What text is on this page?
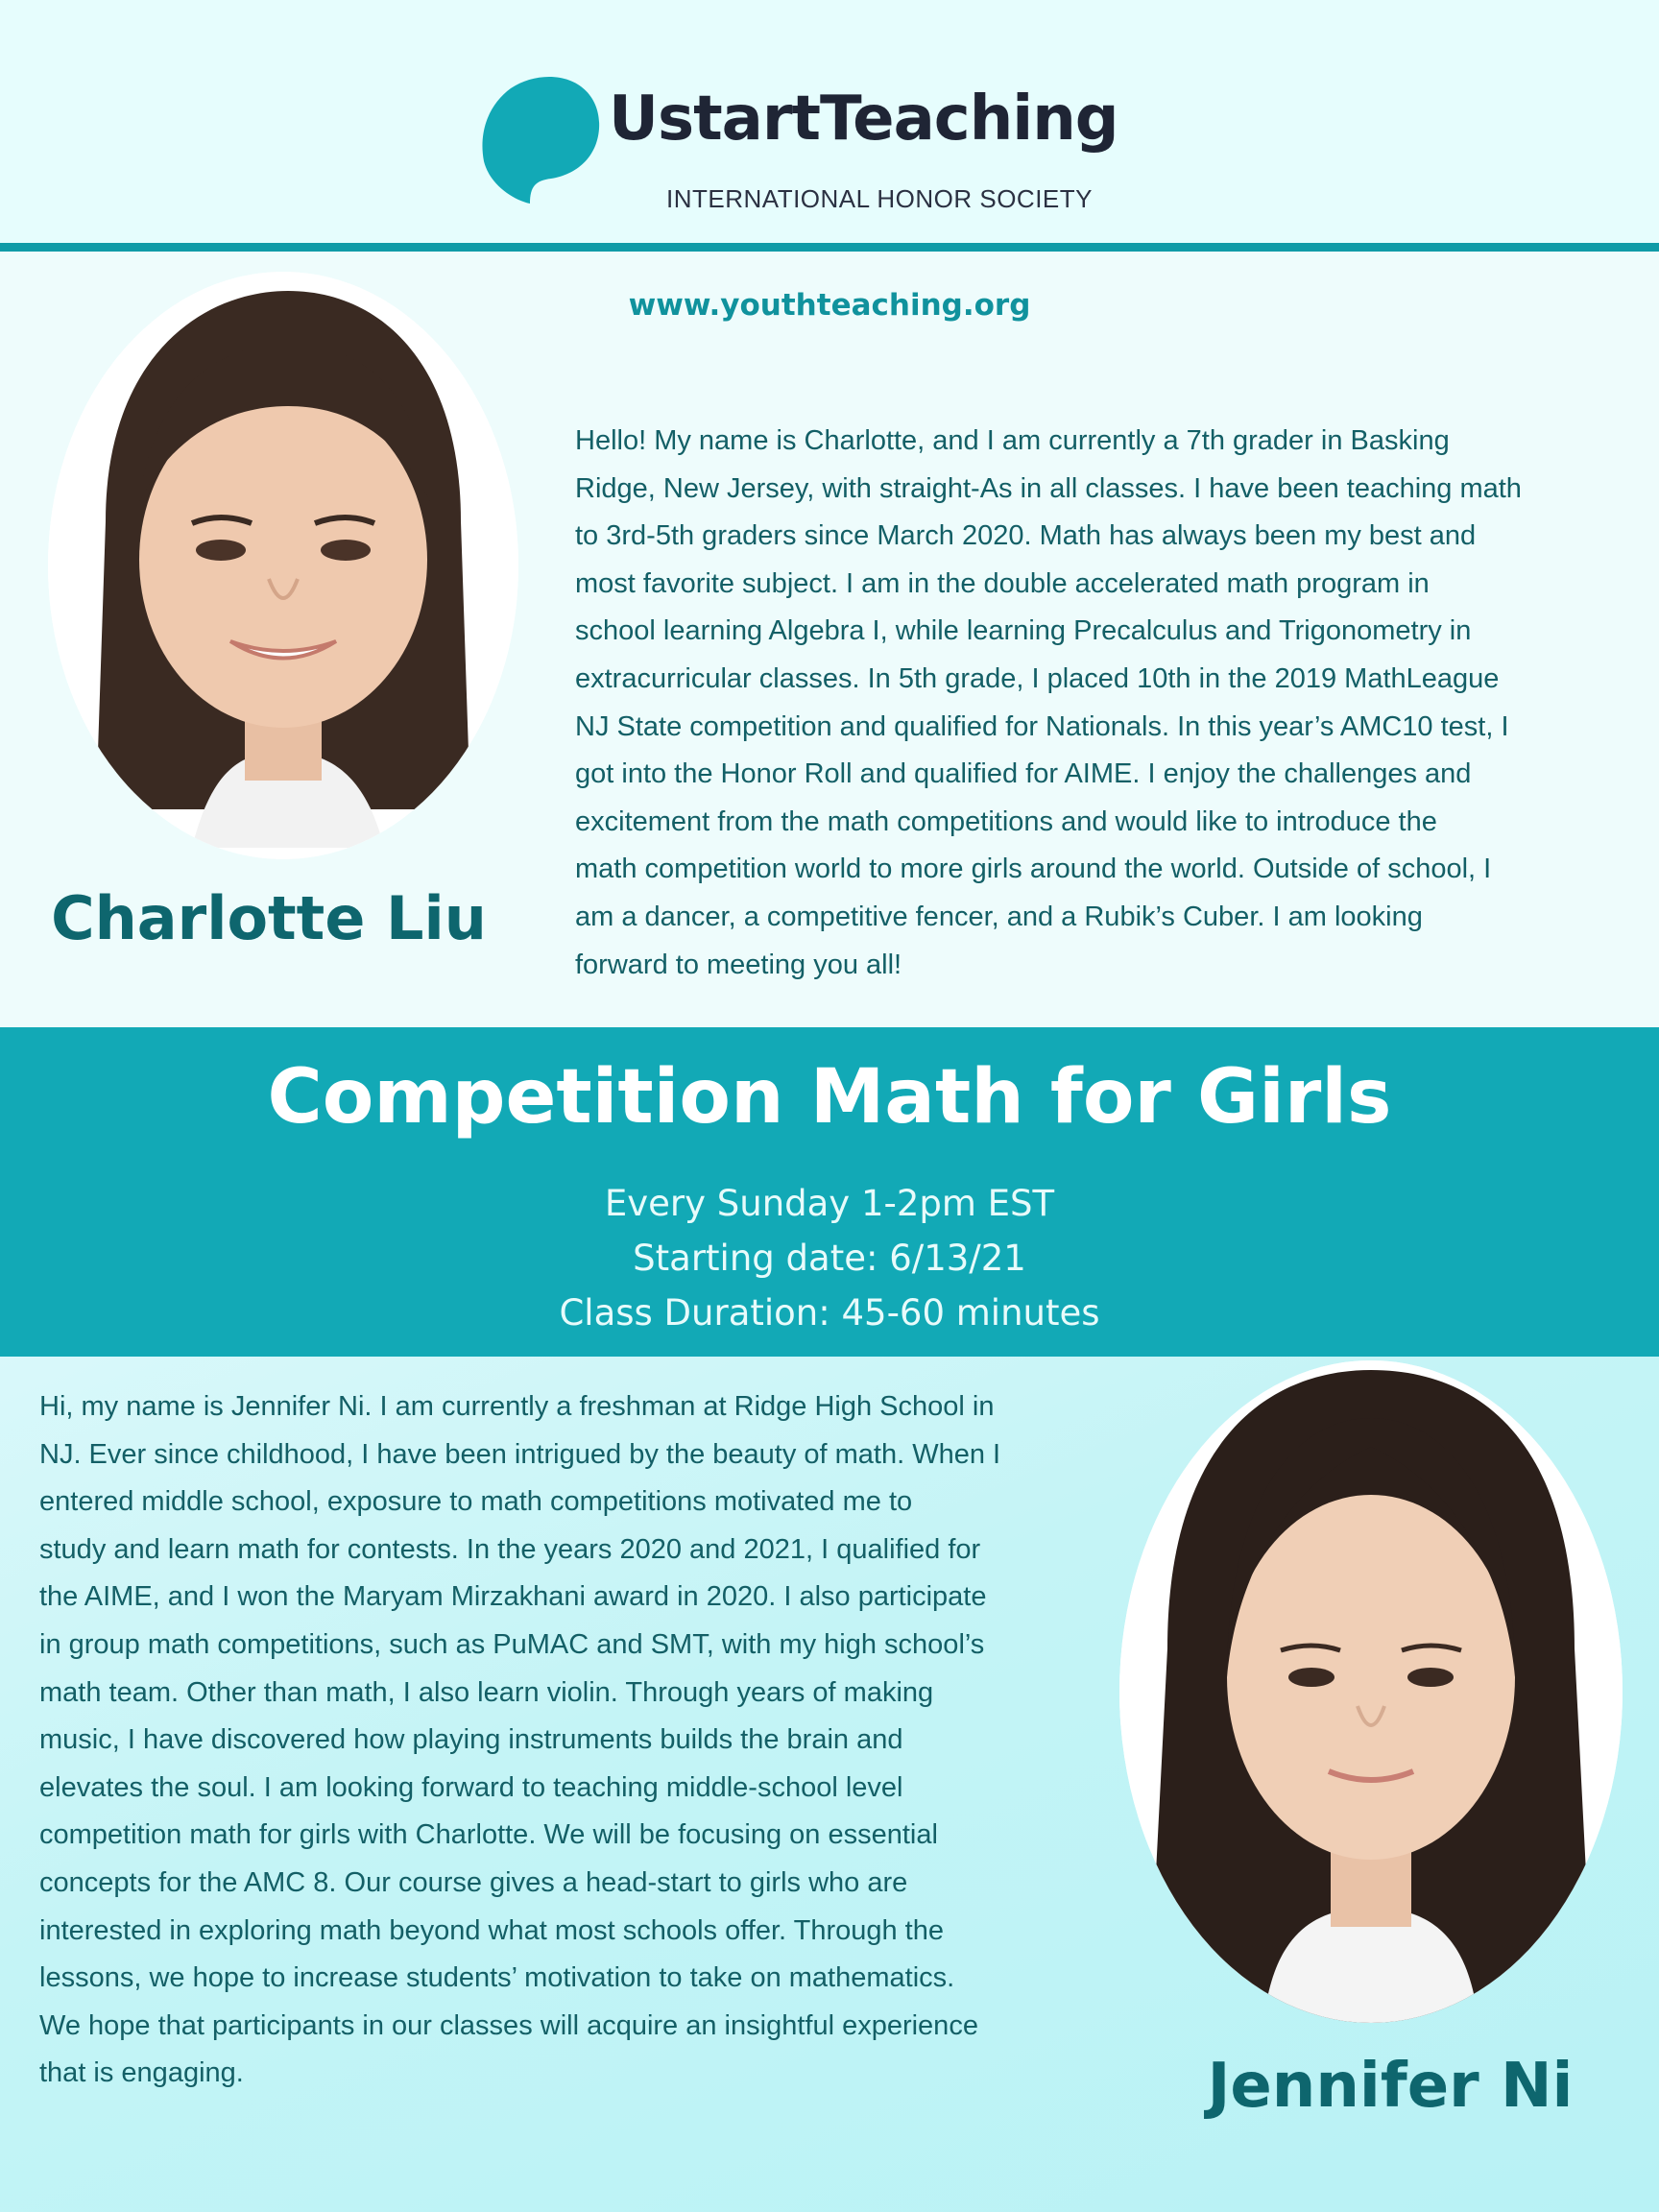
UstartTeaching
INTERNATIONAL HONOR SOCIETY
www.youthteaching.org
Charlotte Liu
Hello! My name is Charlotte, and I am currently a 7th grader in Basking
Ridge, New Jersey, with straight-As in all classes. I have been teaching math
to 3rd-5th graders since March 2020. Math has always been my best and
most favorite subject. I am in the double accelerated math program in
school learning Algebra I, while learning Precalculus and Trigonometry in
extracurricular classes. In 5th grade, I placed 10th in the 2019 MathLeague
NJ State competition and qualified for Nationals. In this year’s AMC10 test, I
got into the Honor Roll and qualified for AIME. I enjoy the challenges and
excitement from the math competitions and would like to introduce the
math competition world to more girls around the world. Outside of school, I
am a dancer, a competitive fencer, and a Rubik’s Cuber. I am looking
forward to meeting you all!
Competition Math for Girls
Every Sunday 1-2pm EST
Starting date: 6/13/21
Class Duration: 45-60 minutes
Hi, my name is Jennifer Ni. I am currently a freshman at Ridge High School in
NJ. Ever since childhood, I have been intrigued by the beauty of math. When I
entered middle school, exposure to math competitions motivated me to
study and learn math for contests. In the years 2020 and 2021, I qualified for
the AIME, and I won the Maryam Mirzakhani award in 2020. I also participate
in group math competitions, such as PuMAC and SMT, with my high school’s
math team. Other than math, I also learn violin. Through years of making
music, I have discovered how playing instruments builds the brain and
elevates the soul. I am looking forward to teaching middle-school level
competition math for girls with Charlotte. We will be focusing on essential
concepts for the AMC 8. Our course gives a head-start to girls who are
interested in exploring math beyond what most schools offer. Through the
lessons, we hope to increase students’ motivation to take on mathematics.
We hope that participants in our classes will acquire an insightful experience
that is engaging.	Jennifer Ni
